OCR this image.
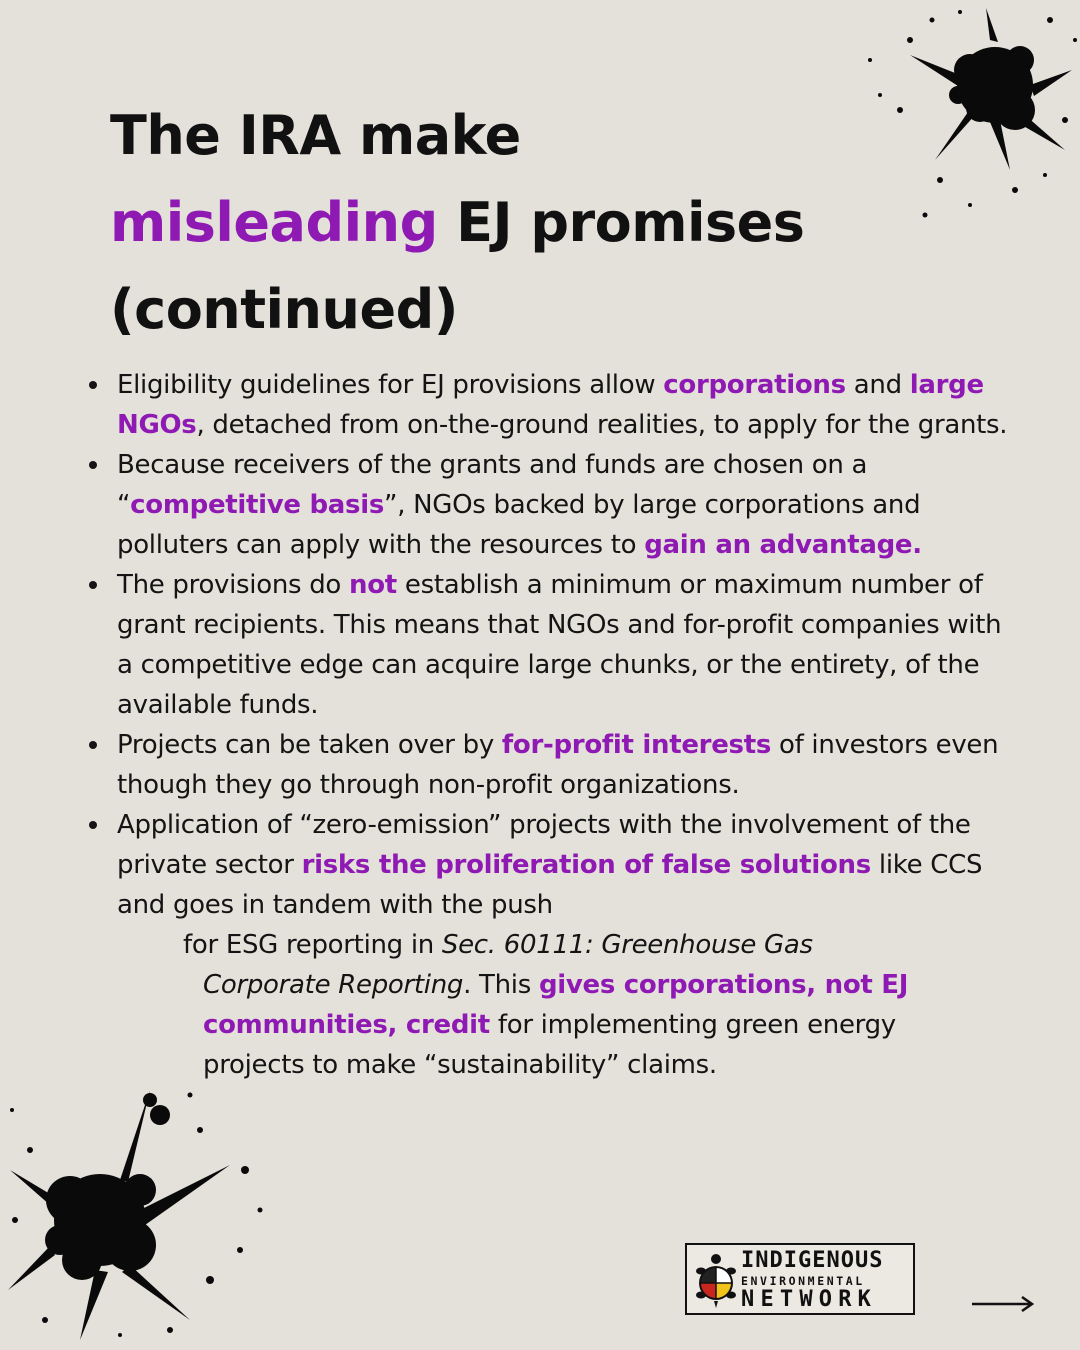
The IRA make
misleading EJ promises
(continued)
Eligibility guidelines for EJ provisions allow corporations and large NGOs, detached from on-the-ground realities, to apply for the grants.
Because receivers of the grants and funds are chosen on a “competitive basis”, NGOs backed by large corporations and polluters can apply with the resources to gain an advantage.
The provisions do not establish a minimum or maximum number of grant recipients. This means that NGOs and for-profit companies with a competitive edge can acquire large chunks, or the entirety, of the available funds.
Projects can be taken over by for-profit interests of investors even though they go through non-profit organizations.
Application of “zero-emission” projects with the involvement of the private sector risks the proliferation of false solutions like CCS and goes in tandem with the push
for ESG reporting in Sec. 60111: Greenhouse Gas
Corporate Reporting. This gives corporations, not EJ
communities, credit for implementing green energy
projects to make “sustainability” claims.
INDIGENOUS
ENVIRONMENTAL
NETWORK
